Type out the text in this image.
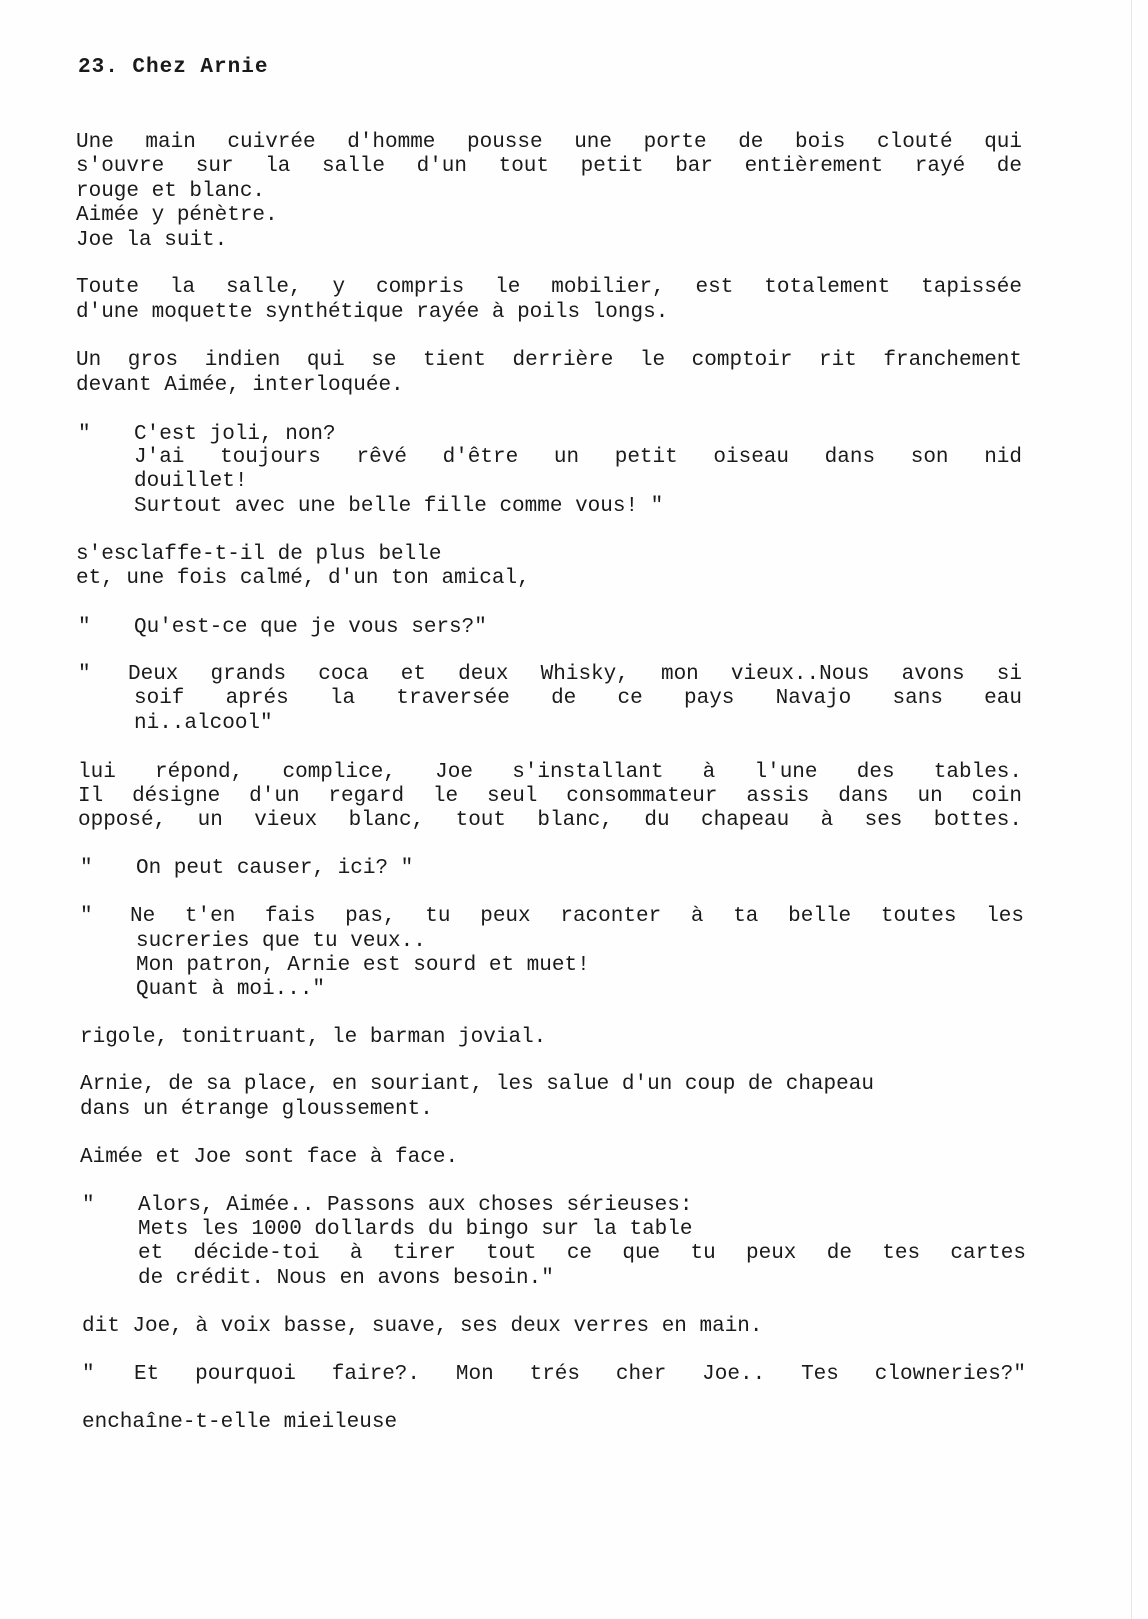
23. Chez Arnie
Une main cuivrée d'homme pousse une porte de bois clouté qui
s'ouvre sur la salle d'un tout petit bar entièrement rayé de
rouge et blanc.
Aimée y pénètre.
Joe la suit.
Toute la salle, y compris le mobilier, est totalement tapissée
d'une moquette synthétique rayée à poils longs.
Un gros indien qui se tient derrière le comptoir rit franchement
devant Aimée, interloquée.
" C'est joli, non?
J'ai toujours rêvé d'être un petit oiseau dans son nid
douillet!
Surtout avec une belle fille comme vous! "
s'esclaffe-t-il de plus belle
et, une fois calmé, d'un ton amical,
" Qu'est-ce que je vous sers?"
" Deux grands coca et deux Whisky, mon vieux..Nous avons si
soif aprés la traversée de ce pays Navajo sans eau
ni..alcool"
lui répond, complice, Joe s'installant à l'une des tables.
Il désigne d'un regard le seul consommateur assis dans un coin
opposé, un vieux blanc, tout blanc, du chapeau à ses bottes.
" On peut causer, ici? "
" Ne t'en fais pas, tu peux raconter à ta belle toutes les
sucreries que tu veux..
Mon patron, Arnie est sourd et muet!
Quant à moi..."
rigole, tonitruant, le barman jovial.
Arnie, de sa place, en souriant, les salue d'un coup de chapeau
dans un étrange gloussement.
Aimée et Joe sont face à face.
" Alors, Aimée.. Passons aux choses sérieuses:
Mets les 1000 dollards du bingo sur la table
et décide-toi à tirer tout ce que tu peux de tes cartes
de crédit. Nous en avons besoin."
dit Joe, à voix basse, suave, ses deux verres en main.
" Et pourquoi faire?. Mon trés cher Joe.. Tes clowneries?"
enchaîne-t-elle mieileuse
